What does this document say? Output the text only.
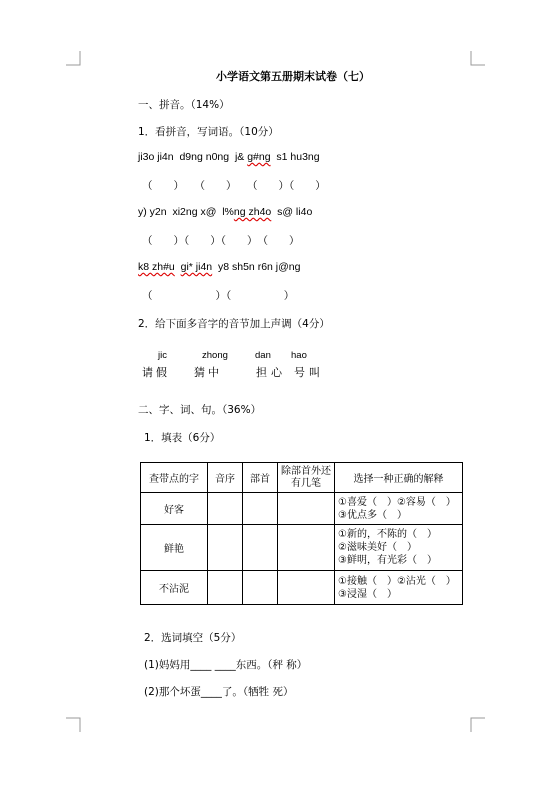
小学语文第五册期末试卷（七）
一、拼音。（14%）
1．看拼音，写词语。（10分）
ji3o ji4n d9ng n0ng j& g#ng s1 hu3ng
（　　）　　（　　）　　（　　）（　　）
y) y2n xi2ng x@ l%ng zh4o s@ li4o
（　　）（　　）（　　）　（　　）
k8 zh#u gi* ji4n y8 sh5n r6n j@ng
（　　　　　　）（　　　　　）
2．给下面多音字的音节加上声调（4分）
jic	zhong	dan hao
请假 猜中	担心 号叫
二、字、词、句。（36%）
1．填表（6分）
查带点的字	音序	部首	除部首外还有几笔	选择一种正确的解释
好客				①喜爱（　）②容易（　）
③优点多（　）

鲜艳				①新的，不陈的（　）
②滋味美好（　）
③鲜明，有光彩（　）

不沾泥				①接触（　）②沾光（　）
③浸湿（　）
2．选词填空（5分）
(1)妈妈用____ ____东西。（秤 称）
(2)那个坏蛋____了。（牺牲 死）
